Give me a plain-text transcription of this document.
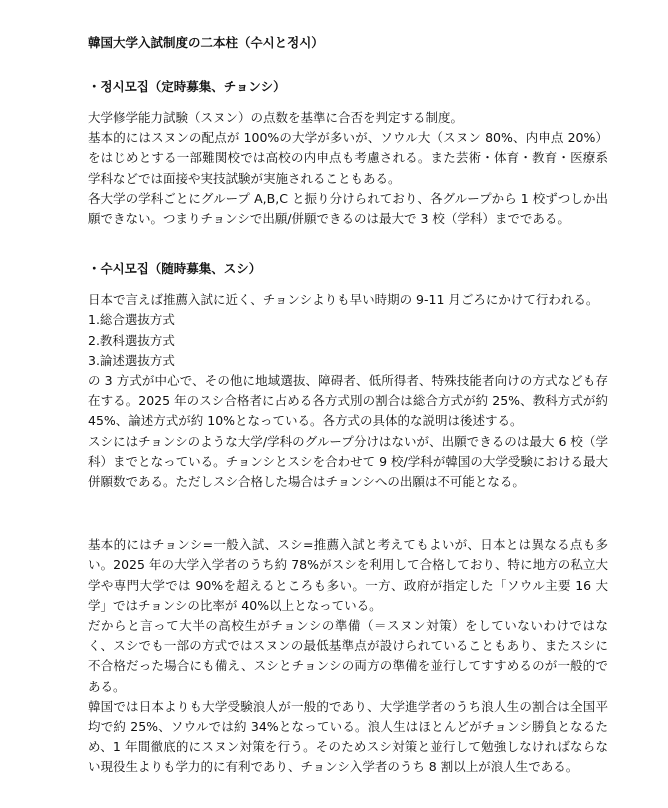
韓国大学入試制度の二本柱（수시と정시）
・정시모집（定時募集、チョンシ）

大学修学能力試験（スヌン）の点数を基準に合否を判定する制度。

基本的にはスヌンの配点が 100%の大学が多いが、ソウル大（スヌン 80%、内申点 20%）をはじめとする一部難関校では高校の内申点も考慮される。また芸術・体育・教育・医療系学科などでは面接や実技試験が実施されることもある。

各大学の学科ごとにグループ A,B,C と振り分けられており、各グループから 1 校ずつしか出願できない。つまりチョンシで出願/併願できるのは最大で 3 校（学科）までである。

・수시모집（随時募集、スシ）

日本で言えば推薦入試に近く、チョンシよりも早い時期の 9-11 月ごろにかけて行われる。

1.総合選抜方式

2.教科選抜方式

3.論述選抜方式

の 3 方式が中心で、その他に地域選抜、障碍者、低所得者、特殊技能者向けの方式なども存在する。2025 年のスシ合格者に占める各方式別の割合は総合方式が約 25%、教科方式が約 45%、論述方式が約 10%となっている。各方式の具体的な説明は後述する。

スシにはチョンシのような大学/学科のグループ分けはないが、出願できるのは最大 6 校（学科）までとなっている。チョンシとスシを合わせて 9 校/学科が韓国の大学受験における最大併願数である。ただしスシ合格した場合はチョンシへの出願は不可能となる。

基本的にはチョンシ=一般入試、スシ=推薦入試と考えてもよいが、日本とは異なる点も多い。2025 年の大学入学者のうち約 78%がスシを利用して合格しており、特に地方の私立大学や専門大学では 90%を超えるところも多い。一方、政府が指定した「ソウル主要 16 大学」ではチョンシの比率が 40%以上となっている。

だからと言って大半の高校生がチョンシの準備（＝スヌン対策）をしていないわけではなく、スシでも一部の方式ではスヌンの最低基準点が設けられていることもあり、またスシに不合格だった場合にも備え、スシとチョンシの両方の準備を並行してすすめるのが一般的である。

韓国では日本よりも大学受験浪人が一般的であり、大学進学者のうち浪人生の割合は全国平均で約 25%、ソウルでは約 34%となっている。浪人生はほとんどがチョンシ勝負となるため、1 年間徹底的にスヌン対策を行う。そのためスシ対策と並行して勉強しなければならない現役生よりも学力的に有利であり、チョンシ入学者のうち 8 割以上が浪人生である。
